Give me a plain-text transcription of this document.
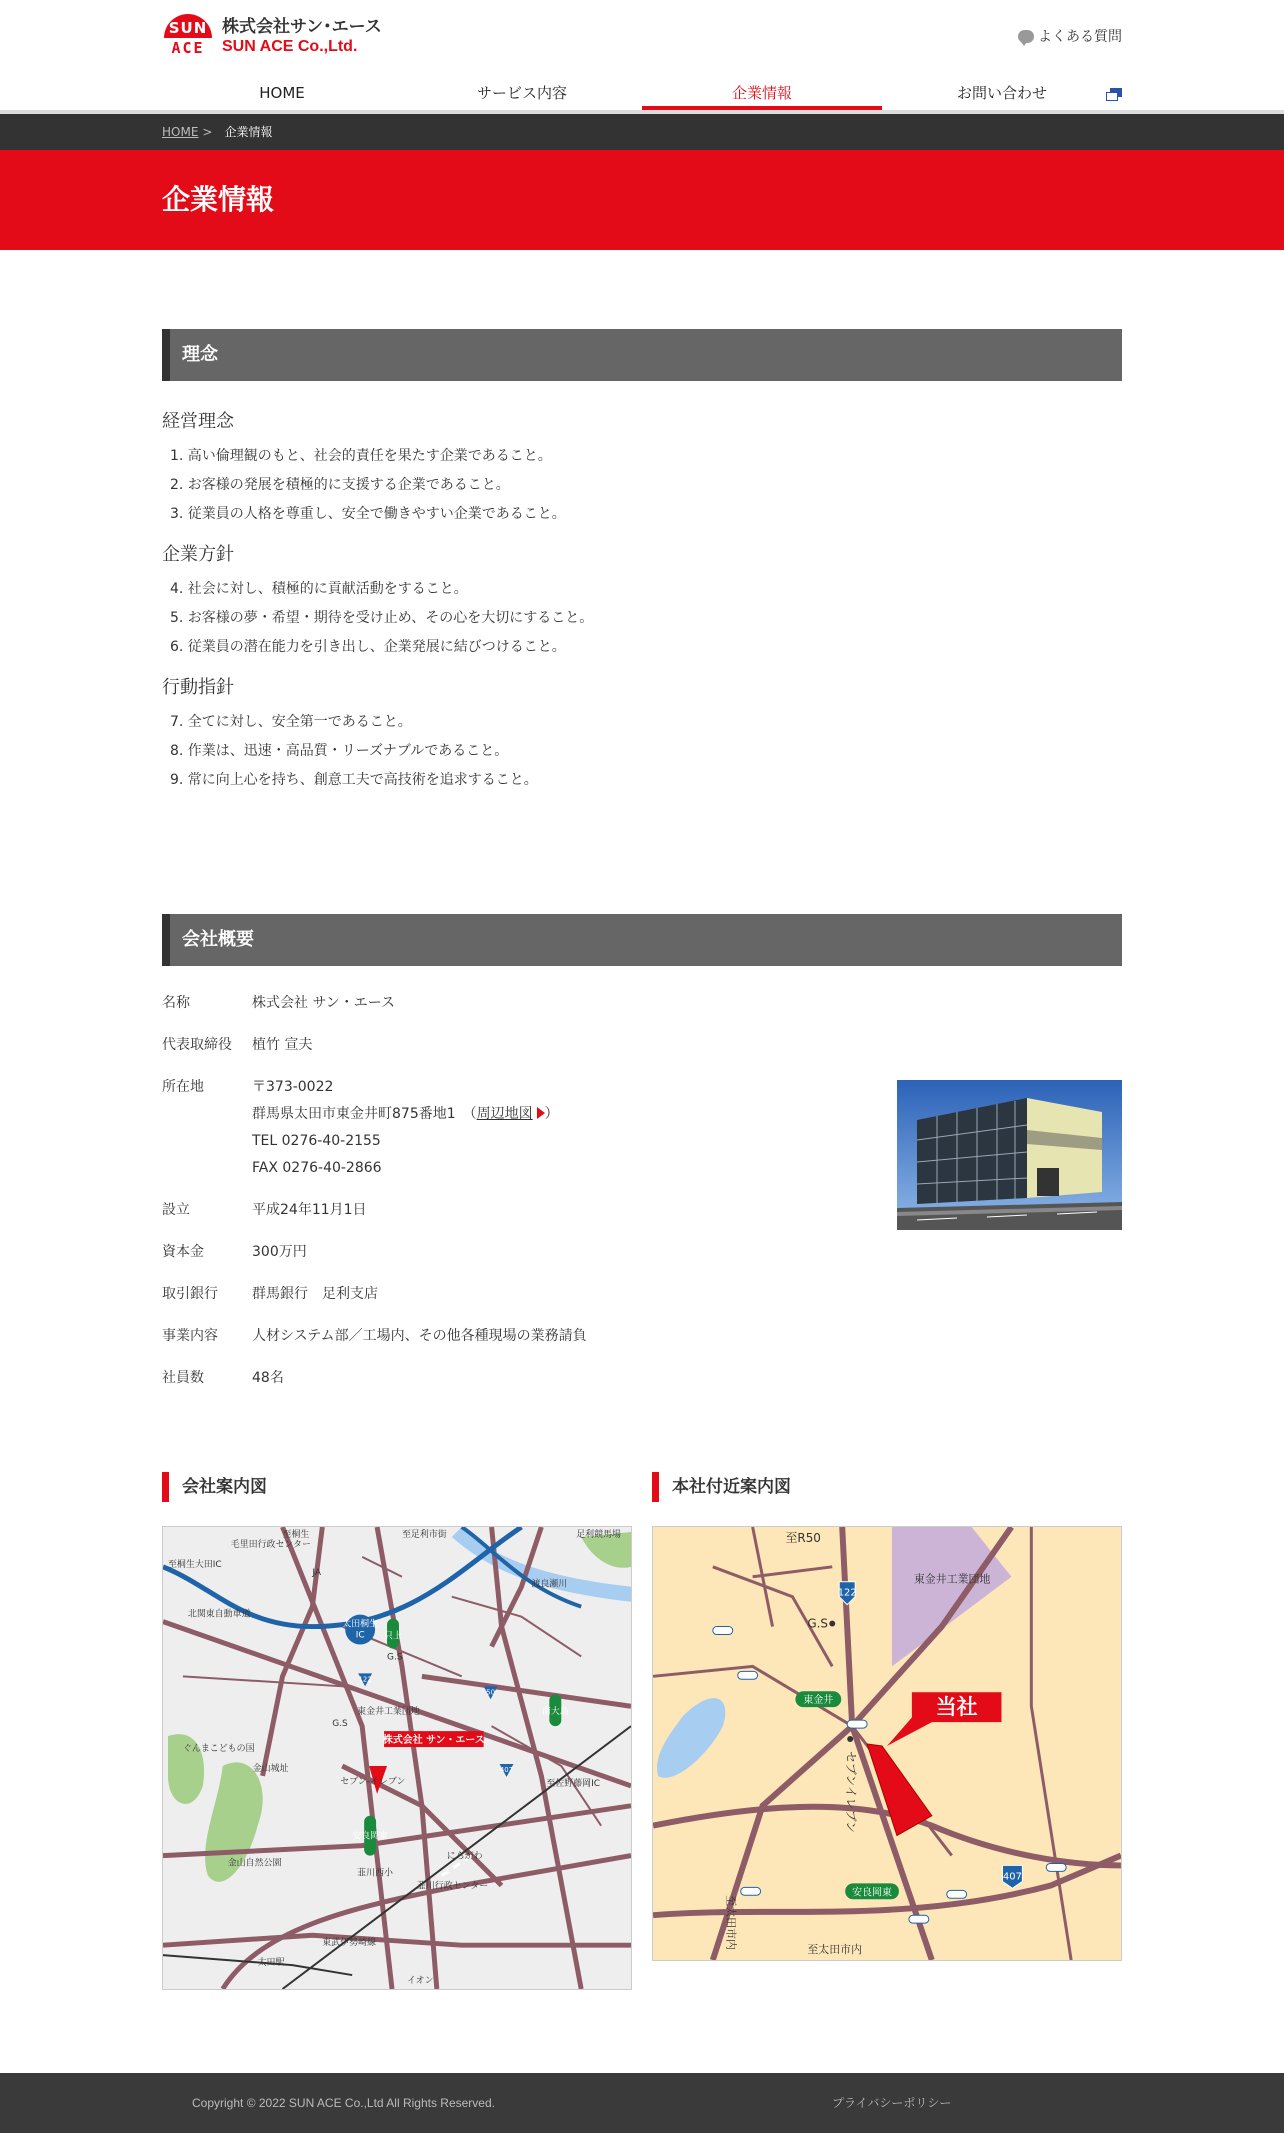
SUN
ACE
株式会社サン･エース
SUN ACE Co.,Ltd.
よくある質問
HOME	サービス内容	企業情報	お問い合わせ
HOME > 企業情報
企業情報
理念
経営理念
1. 高い倫理観のもと、社会的責任を果たす企業であること。
2. お客様の発展を積極的に支援する企業であること。
3. 従業員の人格を尊重し、安全で働きやすい企業であること。
企業方針
4. 社会に対し、積極的に貢献活動をすること。
5. お客様の夢・希望・期待を受け止め、その心を大切にすること。
6. 従業員の潜在能力を引き出し、企業発展に結びつけること。
行動指針
7. 全てに対し、安全第一であること。
8. 作業は、迅速・高品質・リーズナブルであること。
9. 常に向上心を持ち、創意工夫で高技術を追求すること。
会社概要
名称	株式会社 サン・エース
代表取締役	植竹 宣夫
所在地	〒373-0022
群馬県太田市東金井町875番地1　 （周辺地図 ）
TEL 0276-40-2155
FAX 0276-40-2866
設立	平成24年11月1日
資本金	300万円
取引銀行	群馬銀行　足利支店
事業内容	人材システム部／工場内、その他各種現場の業務請負
社員数	48名
会社案内図	本社付近案内図
太田桐生
IC
株式会社 サン・エース
只上
南大島
安良岡東
122
50
407
至桐生	至足利市街	足利競馬場
毛里田行政センター
JA
至桐生大田IC
北関東自動車道
G.S
G.S
渡良瀬川
東金井工業団地
金山城址
ぐんまこどもの国
金山自然公園
セブン-イレブン
韮川西小
にらがわ
韮川行政センター
東武伊勢崎線
太田駅
イオン
至佐野藤岡IC
当社
122
407
東金井
安良岡東
至R50
G.S
東金井工業団地
至太田市内
セブンイレブン
至太田市内
Copyright © 2022 SUN ACE Co.,Ltd All Rights Reserved.	プライバシーポリシー
